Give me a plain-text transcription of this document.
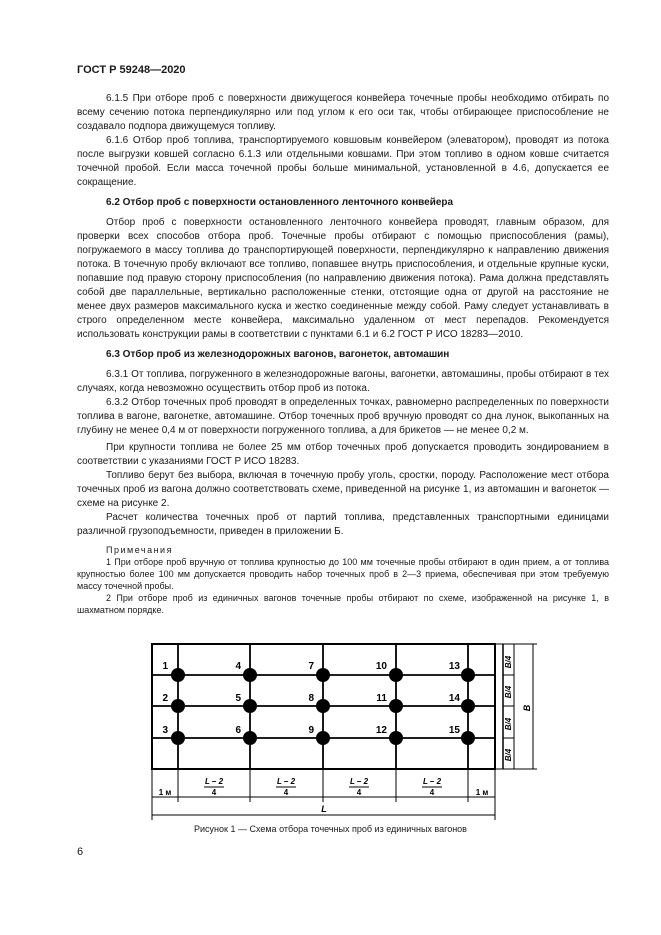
ГОСТ Р 59248—2020

6.1.5 При отборе проб с поверхности движущегося конвейера точечные пробы необходимо отбирать по всему сечению потока перпендикулярно или под углом к его оси так, чтобы отбирающее приспособление не создавало подпора движущемуся топливу.

6.1.6 Отбор проб топлива, транспортируемого ковшовым конвейером (элеватором), проводят из потока после выгрузки ковшей согласно 6.1.3 или отдельными ковшами. При этом топливо в одном ковше считается точечной пробой. Если масса точечной пробы больше минимальной, установленной в 4.6, допускается ее сокращение.

6.2 Отбор проб с поверхности остановленного ленточного конвейера

Отбор проб с поверхности остановленного ленточного конвейера проводят, главным образом, для проверки всех способов отбора проб. Точечные пробы отбирают с помощью приспособления (рамы), погружаемого в массу топлива до транспортирующей поверхности, перпендикулярно к направлению движения потока. В точечную пробу включают все топливо, попавшее внутрь приспособления, и отдельные крупные куски, попавшие под правую сторону приспособления (по направлению движения потока). Рама должна представлять собой две параллельные, вертикально расположенные стенки, отстоящие одна от другой на расстояние не менее двух размеров максимального куска и жестко соединенные между собой. Раму следует устанавливать в строго определенном месте конвейера, максимально удаленном от мест перепадов. Рекомендуется использовать конструкции рамы в соответствии с пунктами 6.1 и 6.2 ГОСТ Р ИСО 18283—2010.

6.3 Отбор проб из железнодорожных вагонов, вагонеток, автомашин

6.3.1 От топлива, погруженного в железнодорожные вагоны, вагонетки, автомашины, пробы отбирают в тех случаях, когда невозможно осуществить отбор проб из потока.

6.3.2 Отбор точечных проб проводят в определенных точках, равномерно распределенных по поверхности топлива в вагоне, вагонетке, автомашине. Отбор точечных проб вручную проводят со дна лунок, выкопанных на глубину не менее 0,4 м от поверхности погруженного топлива, а для брикетов — не менее 0,2 м.

При крупности топлива не более 25 мм отбор точечных проб допускается проводить зондированием в соответствии с указаниями ГОСТ Р ИСО 18283.

Топливо берут без выбора, включая в точечную пробу уголь, сростки, породу. Расположение мест отбора точечных проб из вагона должно соответствовать схеме, приведенной на рисунке 1, из автомашин и вагонеток — схеме на рисунке 2.

Расчет количества точечных проб от партий топлива, представленных транспортными единицами различной грузоподъемности, приведен в приложении Б.

Примечания

1 При отборе проб вручную от топлива крупностью до 100 мм точечные пробы отбирают в один прием, а от топлива крупностью более 100 мм допускается проводить набор точечных проб в 2—3 приема, обеспечивая при этом требуемую массу точечной пробы.

2 При отборе проб из единичных вагонов точечные пробы отбирают по схеме, изображенной на рисунке 1, в шахматном порядке.

B/4
B/4
B/4
B/4
B
1
2
3
4
5
6
7
8
9
10
11
12
13
14
15
1 м	1 м
L – 2
4
L – 2
4
L – 2
4
L – 2
4
L
Рисунок 1 — Схема отбора точечных проб из единичных вагонов
6
